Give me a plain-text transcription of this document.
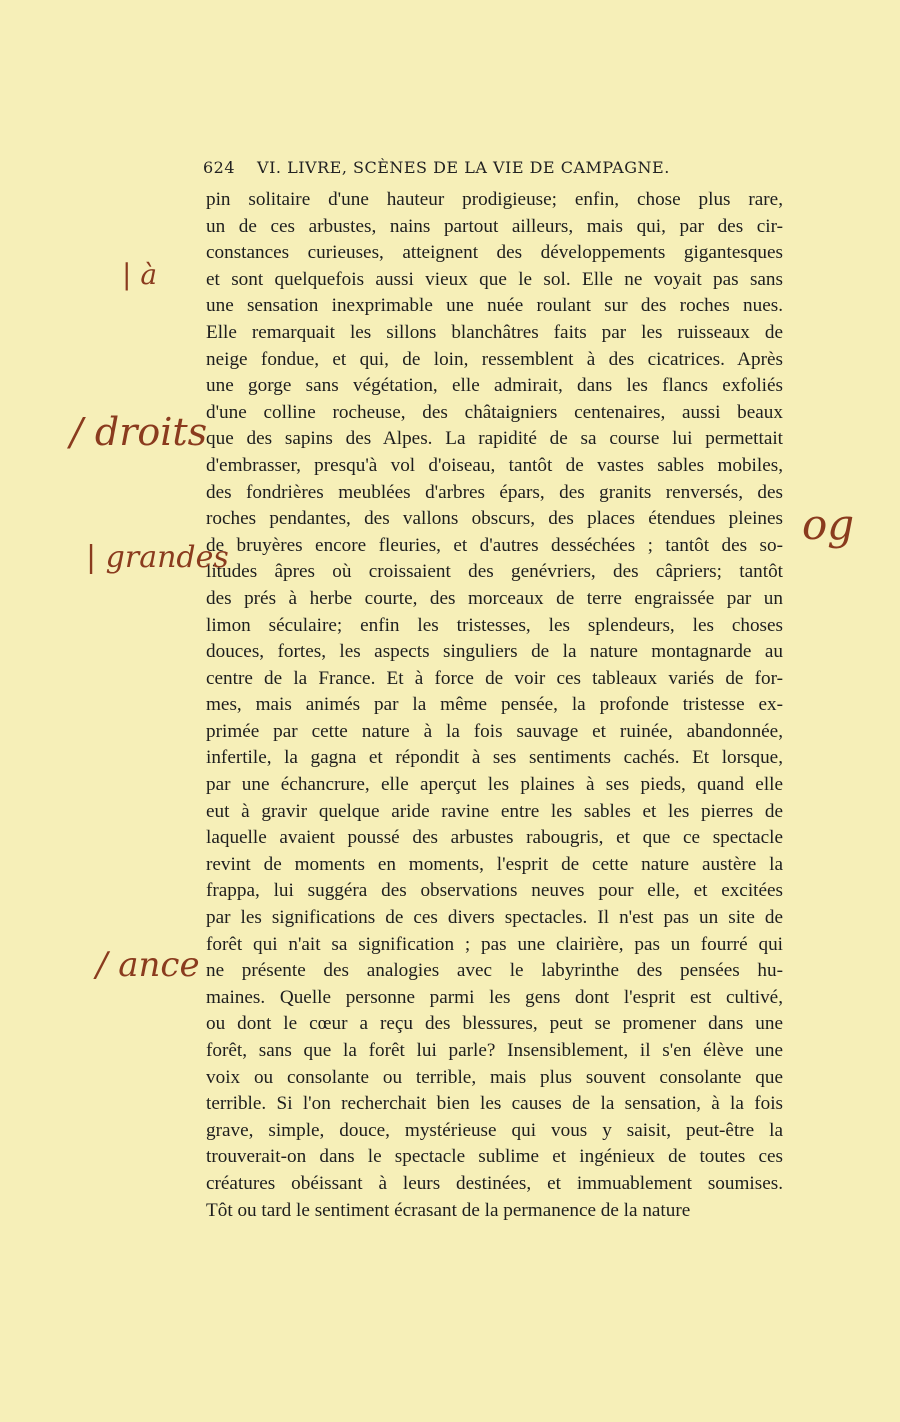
624 VI. LIVRE, SCÈNES DE LA VIE DE CAMPAGNE.
pin solitaire d'une hauteur prodigieuse; enfin, chose plus rare,
un de ces arbustes, nains partout ailleurs, mais qui, par des cir-
constances curieuses, atteignent des développements gigantesques
et sont quelquefois aussi vieux que le sol. Elle ne voyait pas sans
une sensation inexprimable une nuée roulant sur des roches nues.
Elle remarquait les sillons blanchâtres faits par les ruisseaux de
neige fondue, et qui, de loin, ressemblent à des cicatrices. Après
une gorge sans végétation, elle admirait, dans les flancs exfoliés
d'une colline rocheuse, des châtaigniers centenaires, aussi beaux
que des sapins des Alpes. La rapidité de sa course lui permettait
d'embrasser, presqu'à vol d'oiseau, tantôt de vastes sables mobiles,
des fondrières meublées d'arbres épars, des granits renversés, des
roches pendantes, des vallons obscurs, des places étendues pleines
de bruyères encore fleuries, et d'autres desséchées ; tantôt des so-
litudes âpres où croissaient des genévriers, des câpriers; tantôt
des prés à herbe courte, des morceaux de terre engraissée par un
limon séculaire; enfin les tristesses, les splendeurs, les choses
douces, fortes, les aspects singuliers de la nature montagnarde au
centre de la France. Et à force de voir ces tableaux variés de for-
mes, mais animés par la même pensée, la profonde tristesse ex-
primée par cette nature à la fois sauvage et ruinée, abandonnée,
infertile, la gagna et répondit à ses sentiments cachés. Et lorsque,
par une échancrure, elle aperçut les plaines à ses pieds, quand elle
eut à gravir quelque aride ravine entre les sables et les pierres de
laquelle avaient poussé des arbustes rabougris, et que ce spectacle
revint de moments en moments, l'esprit de cette nature austère la
frappa, lui suggéra des observations neuves pour elle, et excitées
par les significations de ces divers spectacles. Il n'est pas un site de
forêt qui n'ait sa signification ; pas une clairière, pas un fourré qui
ne présente des analogies avec le labyrinthe des pensées hu-
maines. Quelle personne parmi les gens dont l'esprit est cultivé,
ou dont le cœur a reçu des blessures, peut se promener dans une
forêt, sans que la forêt lui parle? Insensiblement, il s'en élève une
voix ou consolante ou terrible, mais plus souvent consolante que
terrible. Si l'on recherchait bien les causes de la sensation, à la fois
grave, simple, douce, mystérieuse qui vous y saisit, peut-être la
trouverait-on dans le spectacle sublime et ingénieux de toutes ces
créatures obéissant à leurs destinées, et immuablement soumises.
Tôt ou tard le sentiment écrasant de la permanence de la nature
| à
/ droits
| grandes
og
/ ance
